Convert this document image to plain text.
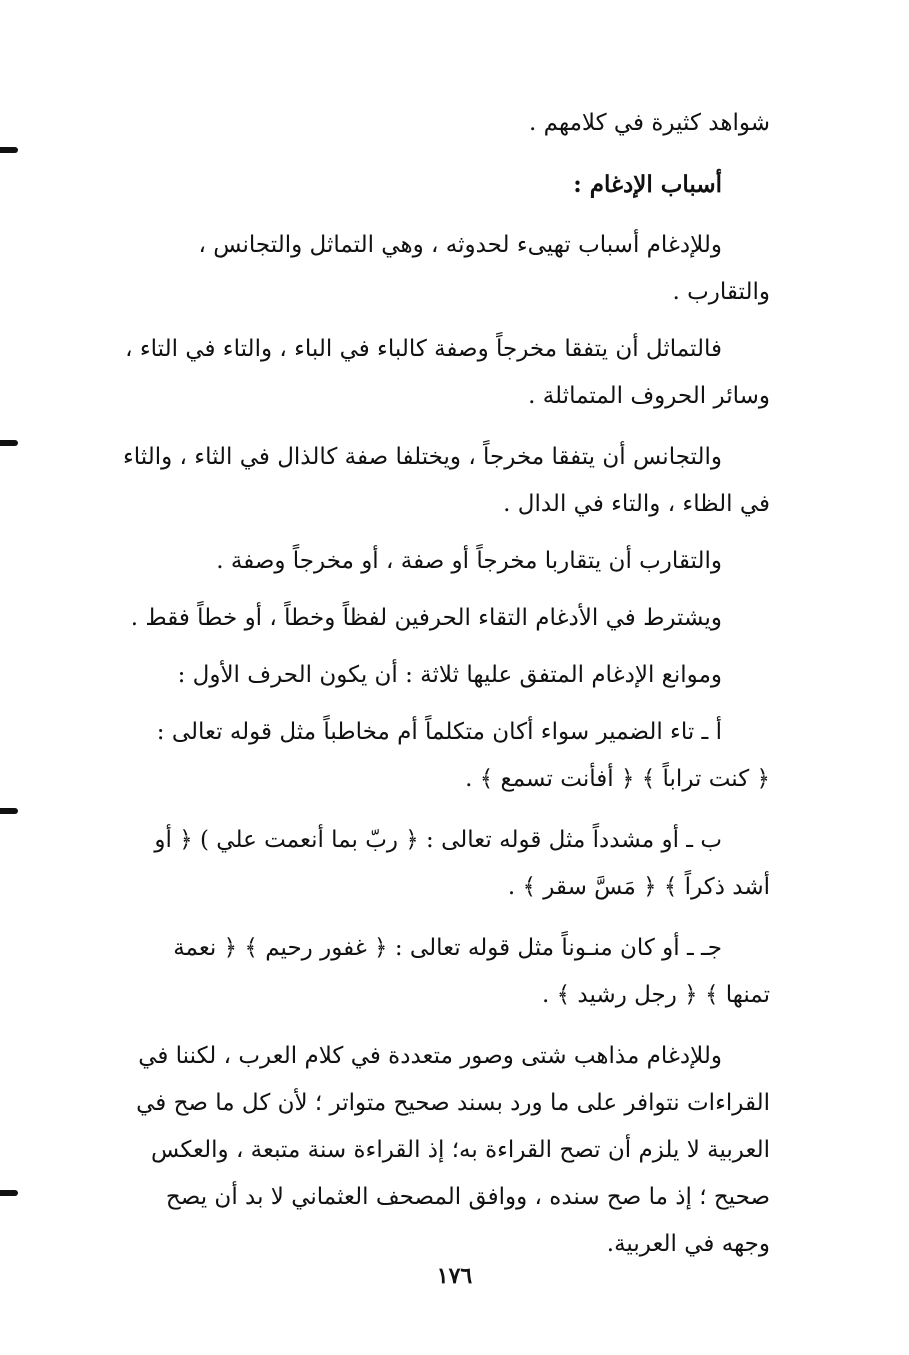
شواهد كثيرة في كلامهم .

أسباب الإدغام :

وللإدغام أسباب تهيىء لحدوثه ، وهي التماثل والتجانس ،
والتقارب .

فالتماثل أن يتفقا مخرجاً وصفة كالباء في الباء ، والتاء في التاء ،
وسائر الحروف المتماثلة .

والتجانس أن يتفقا مخرجاً ، ويختلفا صفة كالذال في الثاء ، والثاء
في الظاء ، والتاء في الدال .

والتقارب أن يتقاربا مخرجاً أو صفة ، أو مخرجاً وصفة .

ويشترط في الأدغام التقاء الحرفين لفظاً وخطاً ، أو خطاً فقط .

وموانع الإدغام المتفق عليها ثلاثة : أن يكون الحرف الأول :

أ ـ تاء الضمير سواء أكان متكلماً أم مخاطباً مثل قوله تعالى :
﴿ كنت تراباً ﴾ ﴿ أفأنت تسمع ﴾ .

ب ـ أو مشدداً مثل قوله تعالى : ﴿ ربّ بما أنعمت علي ) ﴿ أو
أشد ذكراً ﴾ ﴿ مَسَّ سقر ﴾ .

جـ ـ أو كان منـوناً مثل قوله تعالى : ﴿ غفور رحيم ﴾ ﴿ نعمة
تمنها ﴾ ﴿ رجل رشيد ﴾ .

وللإدغام مذاهب شتى وصور متعددة في كلام العرب ، لكننا في
القراءات نتوافر على ما ورد بسند صحيح متواتر ؛ لأن كل ما صح في
العربية لا يلزم أن تصح القراءة به؛ إذ القراءة سنة متبعة ، والعكس
صحيح ؛ إذ ما صح سنده ، ووافق المصحف العثماني لا بد أن يصح
وجهه في العربية.

١٧٦
